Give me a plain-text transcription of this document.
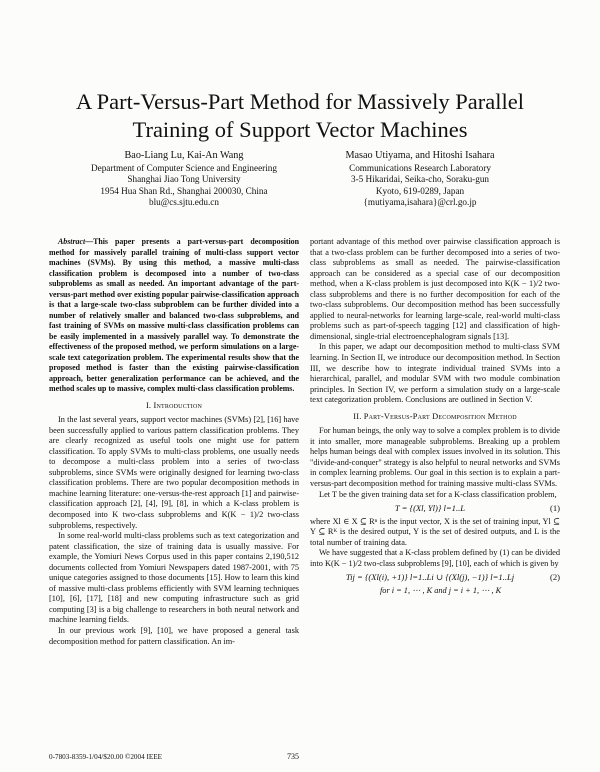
A Part-Versus-Part Method for Massively Parallel
Training of Support Vector Machines
Bao-Liang Lu, Kai-An Wang
Department of Computer Science and Engineering
Shanghai Jiao Tong University
1954 Hua Shan Rd., Shanghai 200030, China
blu@cs.sjtu.edu.cn
Masao Utiyama, and Hitoshi Isahara
Communications Research Laboratory
3-5 Hikaridai, Seika-cho, Soraku-gun
Kyoto, 619-0289, Japan
{mutiyama,isahara}@crl.go.jp

Abstract—This paper presents a part-versus-part decomposition method for massively parallel training of multi-class support vector machines (SVMs). By using this method, a massive multi-class classification problem is decomposed into a number of two-class subproblems as small as needed. An important advantage of the part-versus-part method over existing popular pairwise-classification approach is that a large-scale two-class subproblem can be further divided into a number of relatively smaller and balanced two-class subproblems, and fast training of SVMs on massive multi-class classification problems can be easily implemented in a massively parallel way. To demonstrate the effectiveness of the proposed method, we perform simulations on a large-scale text categorization problem. The experimental results show that the proposed method is faster than the existing pairwise-classification approach, better generalization performance can be achieved, and the method scales up to massive, complex multi-class classification problems.

I. Introduction

In the last several years, support vector machines (SVMs) [2], [16] have been successfully applied to various pattern classification problems. They are clearly recognized as useful tools one might use for pattern classification. To apply SVMs to multi-class problems, one usually needs to decompose a multi-class problem into a series of two-class subproblems, since SVMs were originally designed for learning two-class classification problems. There are two popular decomposition methods in machine learning literature: one-versus-the-rest approach [1] and pairwise-classification approach [2], [4], [9], [8], in which a K-class problem is decomposed into K two-class subproblems and K(K − 1)/2 two-class subproblems, respectively.

In some real-world multi-class problems such as text categorization and patent classification, the size of training data is usually massive. For example, the Yomiuri News Corpus used in this paper contains 2,190,512 documents collected from Yomiuri Newspapers dated 1987-2001, with 75 unique categories assigned to those documents [15]. How to learn this kind of massive multi-class problems efficiently with SVM learning techniques [10], [6], [17], [18] and new computing infrastructure such as grid computing [3] is a big challenge to researchers in both neural network and machine learning fields.

In our previous work [9], [10], we have proposed a general task decomposition method for pattern classification. An im-

portant advantage of this method over pairwise classification approach is that a two-class problem can be further decomposed into a series of two-class subproblems as small as needed. The pairwise-classification approach can be considered as a special case of our decomposition method, when a K-class problem is just decomposed into K(K − 1)/2 two-class subproblems and there is no further decomposition for each of the two-class subproblems. Our decomposition method has been successfully applied to neural-networks for learning large-scale, real-world multi-class problems such as part-of-speech tagging [12] and classification of high-dimensional, single-trial electroencephalogram signals [13].

In this paper, we adapt our decomposition method to multi-class SVM learning. In Section II, we introduce our decomposition method. In Section III, we describe how to integrate individual trained SVMs into a hierarchical, parallel, and modular SVM with two module combination principles. In Section IV, we perform a simulation study on a large-scale text categorization problem. Conclusions are outlined in Section V.

II. Part-Versus-Part Decomposition Method

For human beings, the only way to solve a complex problem is to divide it into smaller, more manageable subproblems. Breaking up a problem helps human beings deal with complex issues involved in its solution. This "divide-and-conquer" strategy is also helpful to neural networks and SVMs in complex learning problems. Our goal in this section is to explain a part-versus-part decomposition method for training massive multi-class SVMs.

Let T be the given training data set for a K-class classification problem,

T = {(Xl, Yl)} l=1..L	(1)

where Xl ∈ X ⊆ Rⁿ is the input vector, X is the set of training input, Yl ⊆ Y ⊆ Rᴷ is the desired output, Y is the set of desired outputs, and L is the total number of training data.

We have suggested that a K-class problem defined by (1) can be divided into K(K − 1)/2 two-class subproblems [9], [10], each of which is given by

Tij = {(Xl(i), +1)} l=1..Li ∪ {(Xl(j), −1)} l=1..Lj	(2)
for i = 1, ⋯ , K and j = i + 1, ⋯ , K
0-7803-8359-1/04/$20.00 ©2004 IEEE	735
